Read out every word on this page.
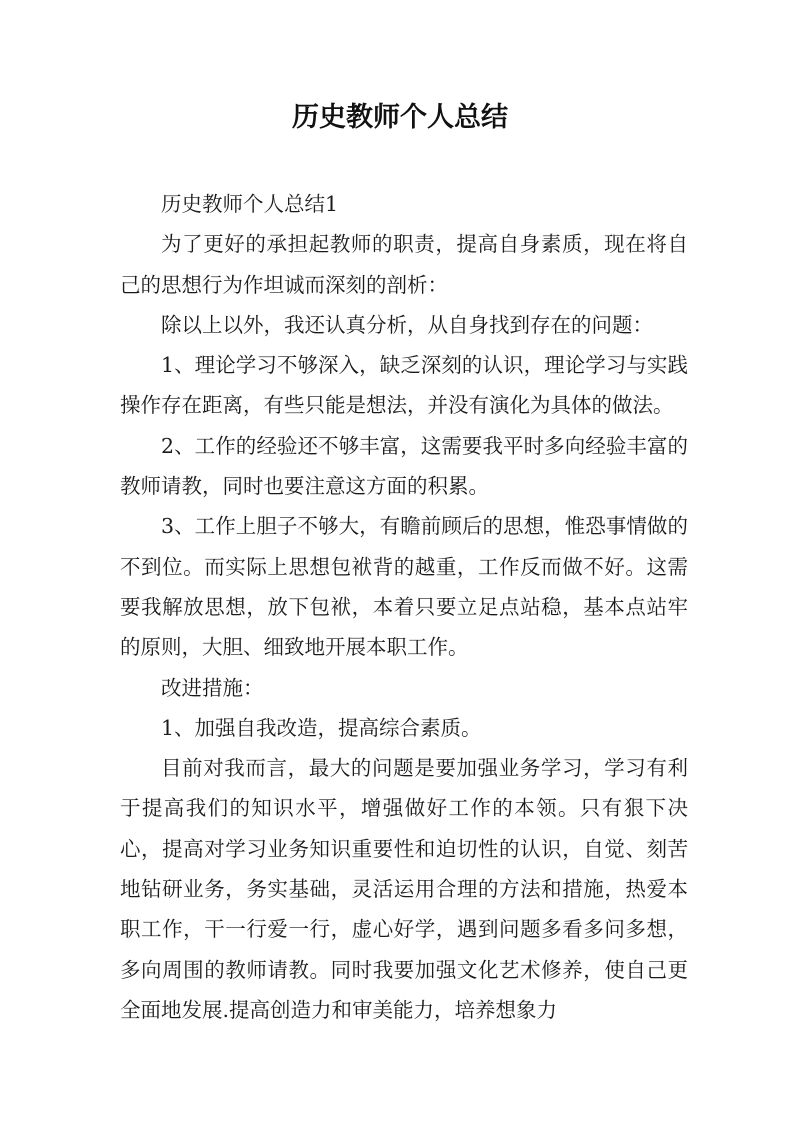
历史教师个人总结

历史教师个人总结1

为了更好的承担起教师的职责，提高自身素质，现在将自己的思想行为作坦诚而深刻的剖析：

除以上以外，我还认真分析，从自身找到存在的问题：

1、理论学习不够深入，缺乏深刻的认识，理论学习与实践操作存在距离，有些只能是想法，并没有演化为具体的做法。

2、工作的经验还不够丰富，这需要我平时多向经验丰富的教师请教，同时也要注意这方面的积累。

3、工作上胆子不够大，有瞻前顾后的思想，惟恐事情做的不到位。而实际上思想包袱背的越重，工作反而做不好。这需要我解放思想，放下包袱，本着只要立足点站稳，基本点站牢的原则，大胆、细致地开展本职工作。

改进措施：

1、加强自我改造，提高综合素质。

目前对我而言，最大的问题是要加强业务学习，学习有利于提高我们的知识水平，增强做好工作的本领。只有狠下决心，提高对学习业务知识重要性和迫切性的认识，自觉、刻苦地钻研业务，务实基础，灵活运用合理的方法和措施，热爱本职工作，干一行爱一行，虚心好学，遇到问题多看多问多想，多向周围的教师请教。同时我要加强文化艺术修养，使自己更全面地发展.提高创造力和审美能力，培养想象力
